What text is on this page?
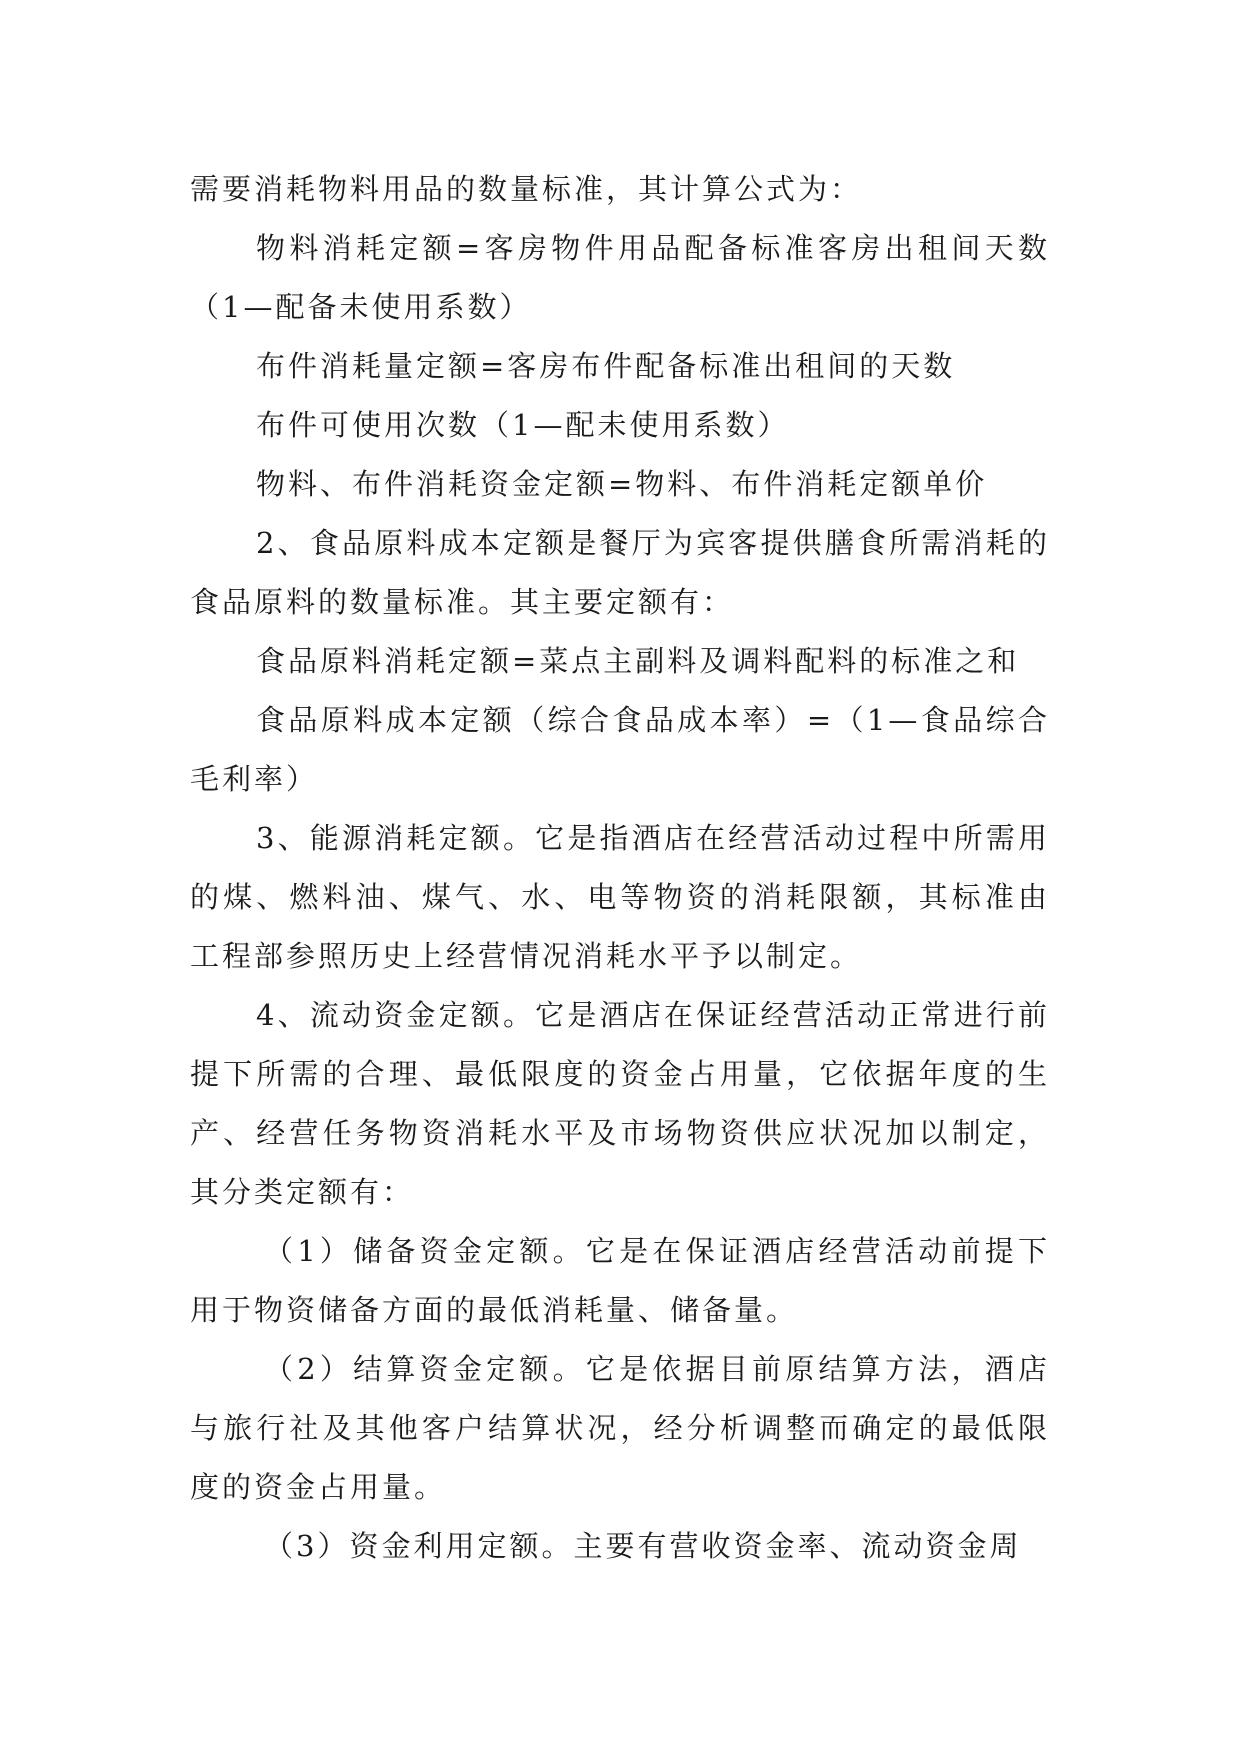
需要消耗物料用品的数量标准，其计算公式为：

物料消耗定额=客房物件用品配备标准客房出租间天数（1—配备未使用系数）

布件消耗量定额=客房布件配备标准出租间的天数

布件可使用次数（1—配未使用系数）

物料、布件消耗资金定额=物料、布件消耗定额单价

2、食品原料成本定额是餐厅为宾客提供膳食所需消耗的食品原料的数量标准。其主要定额有：

食品原料消耗定额=菜点主副料及调料配料的标准之和

食品原料成本定额（综合食品成本率）=（1—食品综合毛利率）

3、能源消耗定额。它是指酒店在经营活动过程中所需用的煤、燃料油、煤气、水、电等物资的消耗限额，其标准由工程部参照历史上经营情况消耗水平予以制定。

4、流动资金定额。它是酒店在保证经营活动正常进行前提下所需的合理、最低限度的资金占用量，它依据年度的生产、经营任务物资消耗水平及市场物资供应状况加以制定，其分类定额有：

（1）储备资金定额。它是在保证酒店经营活动前提下用于物资储备方面的最低消耗量、储备量。

（2）结算资金定额。它是依据目前原结算方法，酒店与旅行社及其他客户结算状况，经分析调整而确定的最低限度的资金占用量。

（3）资金利用定额。主要有营收资金率、流动资金周
